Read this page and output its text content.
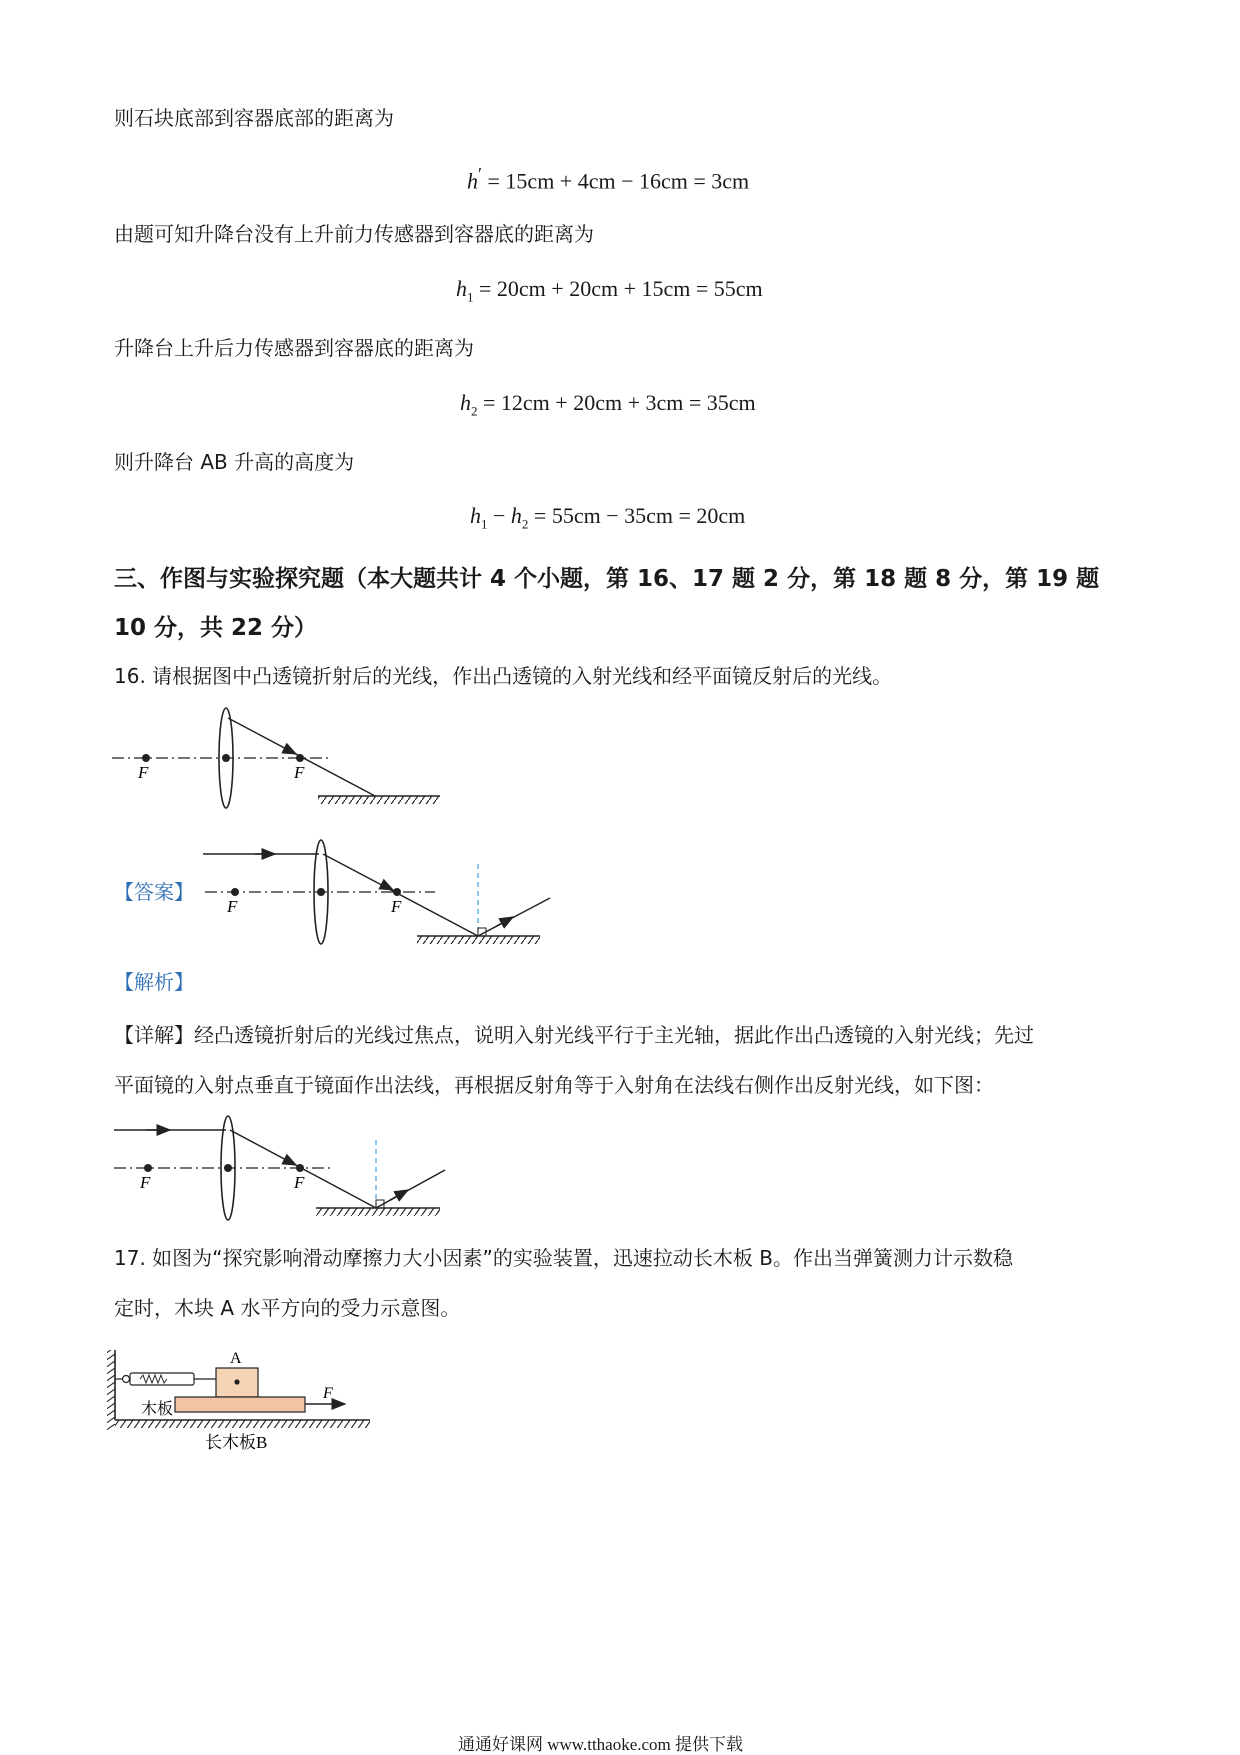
则石块底部到容器底部的距离为
h′ = 15cm + 4cm − 16cm = 3cm
由题可知升降台没有上升前力传感器到容器底的距离为
$h_1 = 20cm + 20cm + 15cm = 55cm$
升降台上升后力传感器到容器底的距离为
$h_2 = 12cm + 20cm + 3cm = 35cm$
则升降台 AB 升高的高度为
$h_1 - h_2 = 55cm - 35cm = 20cm$
三、作图与实验探究题（本大题共计 4 个小题，第 16、17 题 2 分，第 18 题 8 分，第 19 题
10 分，共 22 分）
16. 请根据图中凸透镜折射后的光线，作出凸透镜的入射光线和经平面镜反射后的光线。
F	F
【答案】
F	F
【解析】
【详解】经凸透镜折射后的光线过焦点，说明入射光线平行于主光轴，据此作出凸透镜的入射光线；先过
平面镜的入射点垂直于镜面作出法线，再根据反射角等于入射角在法线右侧作出反射光线，如下图：
F	F
17. 如图为“探究影响滑动摩擦力大小因素”的实验装置，迅速拉动长木板 B。作出当弹簧测力计示数稳
定时，木块 A 水平方向的受力示意图。
A
木板
F
长木板B
通通好课网 www.tthaoke.com 提供下载
